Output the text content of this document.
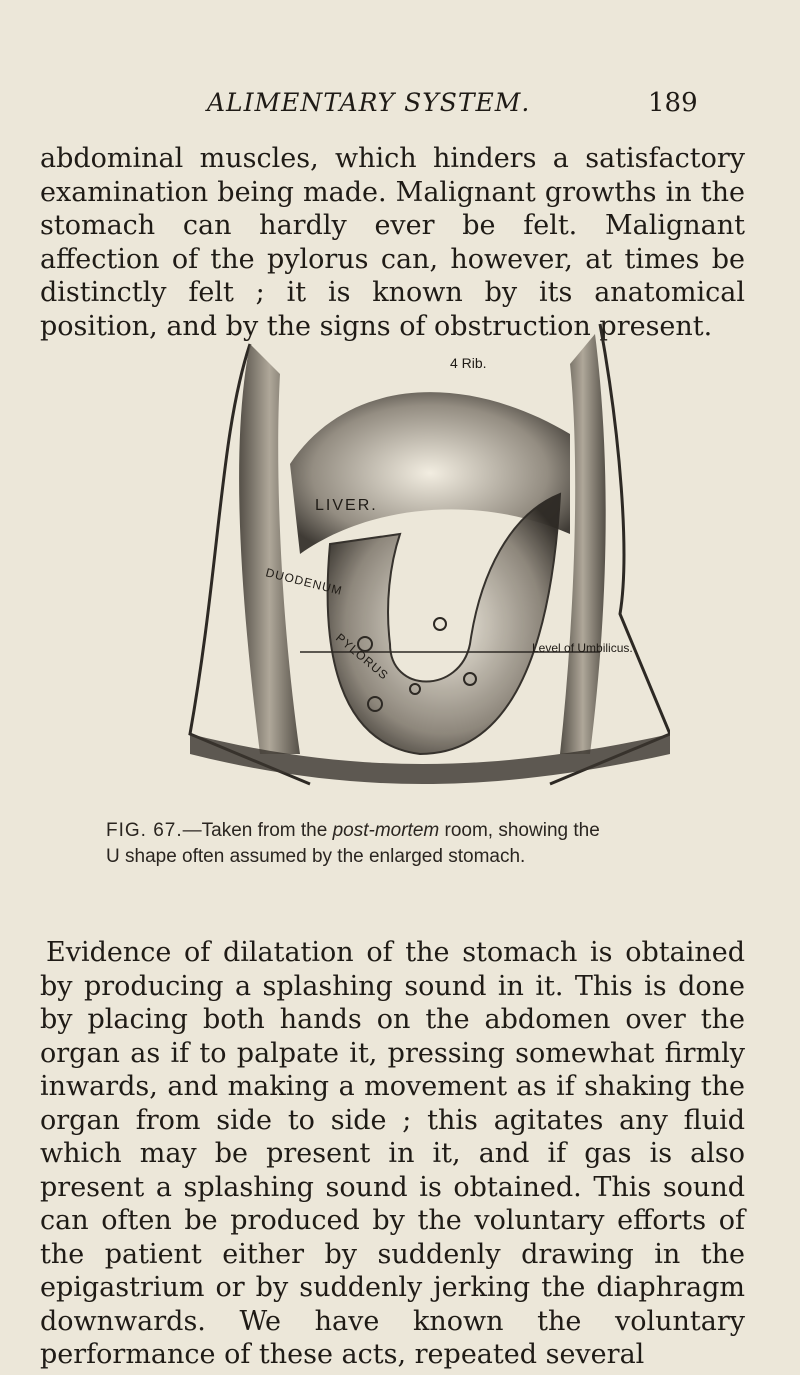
ALIMENTARY SYSTEM.	189

abdominal muscles, which hinders a satisfactory examination being made. Malignant growths in the stomach can hardly ever be felt. Malignant affection of the pylorus can, however, at times be distinctly felt ; it is known by its anatomical position, and by the signs of obstruction present.

4 Rib.
LIVER.
DUODENUM
PYLORUS	Level of Umbilicus.
FIG. 67.—Taken from the post-mortem room, showing the
U shape often assumed by the enlarged stomach.

Evidence of dilatation of the stomach is obtained by producing a splashing sound in it. This is done by placing both hands on the abdomen over the organ as if to palpate it, pressing somewhat firmly inwards, and making a movement as if shaking the organ from side to side ; this agitates any fluid which may be present in it, and if gas is also present a splashing sound is obtained. This sound can often be produced by the voluntary efforts of the patient either by suddenly drawing in the epigastrium or by suddenly jerking the diaphragm downwards. We have known the voluntary performance of these acts, repeated several
